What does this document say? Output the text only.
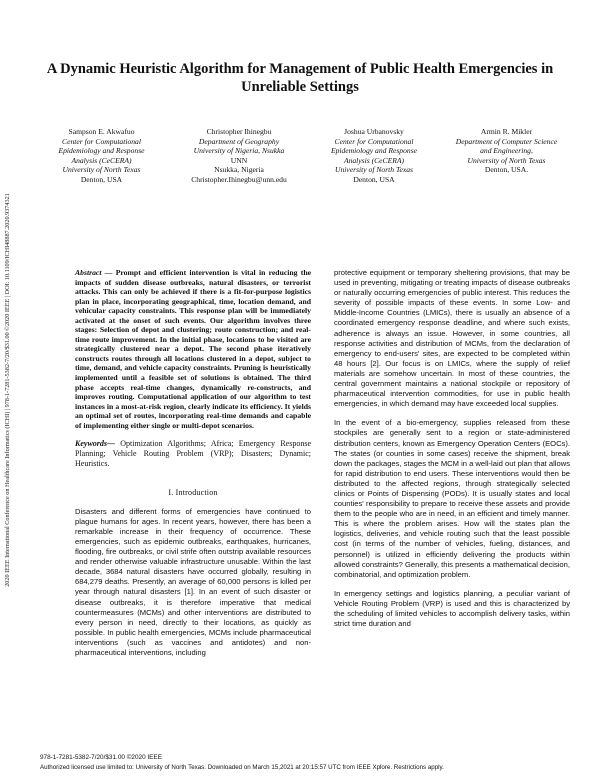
2020 IEEE International Conference on Healthcare Informatics (ICHI) | 978-1-7281-5382-7/20/$31.00 ©2020 IEEE | DOI: 10.1109/ICHI48887.2020.9374321
A Dynamic Heuristic Algorithm for Management of Public Health Emergencies in Unreliable Settings
Sampson E. Akwafuo
Center for Computational
Epidemiology and Response
Analysis (CeCERA)
University of North Texas
Denton, USA
Christopher Ihinegbu
Department of Geography
University of Nigeria, Nsukka
UNN
Nsukka, Nigeria
Christopher.Ihinegbu@unn.edu
Joshua Urbanovsky
Center for Computational
Epidemiology and Response
Analysis (CeCERA)
University of North Texas
Denton, USA
Armin R. Mikler
Department of Computer Science
and Engineering,
University of North Texas
Denton, USA.

Abstract — Prompt and efficient intervention is vital in reducing the impacts of sudden disease outbreaks, natural disasters, or terrorist attacks. This can only be achieved if there is a fit-for-purpose logistics plan in place, incorporating geographical, time, location demand, and vehicular capacity constraints. This response plan will be immediately activated at the onset of such events. Our algorithm involves three stages: Selection of depot and clustering; route construction; and real-time route improvement. In the initial phase, locations to be visited are strategically clustered near a depot. The second phase iteratively constructs routes through all locations clustered in a depot, subject to time, demand, and vehicle capacity constraints. Pruning is heuristically implemented until a feasible set of solutions is obtained. The third phase accepts real-time changes, dynamically re-constructs, and improves routing. Computational application of our algorithm to test instances in a most-at-risk region, clearly indicate its efficiency. It yields an optimal set of routes, incorporating real-time demands and capable of implementing either single or multi-depot scenarios.

Keywords— Optimization Algorithms; Africa; Emergency Response Planning; Vehicle Routing Problem (VRP); Disasters; Dynamic; Heuristics.

I. Introduction

Disasters and different forms of emergencies have continued to plague humans for ages. In recent years, however, there has been a remarkable increase in their frequency of occurrence. These emergencies, such as epidemic outbreaks, earthquakes, hurricanes, flooding, fire outbreaks, or civil strife often outstrip available resources and render otherwise valuable infrastructure unusable. Within the last decade, 3684 natural disasters have occurred globally, resulting in 684,279 deaths. Presently, an average of 60,000 persons is killed per year through natural disasters [1]. In an event of such disaster or disease outbreaks, it is therefore imperative that medical countermeasures (MCMs) and other interventions are distributed to every person in need, directly to their locations, as quickly as possible. In public health emergencies, MCMs include pharmaceutical interventions (such as vaccines and antidotes) and non-pharmaceutical interventions, including

protective equipment or temporary sheltering provisions, that may be used in preventing, mitigating or treating impacts of disease outbreaks or naturally occurring emergencies of public interest. This reduces the severity of possible impacts of these events. In some Low- and Middle-Income Countries (LMICs), there is usually an absence of a coordinated emergency response deadline, and where such exists, adherence is always an issue. However, in some countries, all response activities and distribution of MCMs, from the declaration of emergency to end-users' sites, are expected to be completed within 48 hours [2]. Our focus is on LMICs, where the supply of relief materials are somehow uncertain. In most of these countries, the central government maintains a national stockpile or repository of pharmaceutical intervention commodities, for use in public health emergencies, in which demand may have exceeded local supplies.

In the event of a bio-emergency, supplies released from these stockpiles are generally sent to a region or state-administered distribution centers, known as Emergency Operation Centers (EOCs). The states (or counties in some cases) receive the shipment, break down the packages, stages the MCM in a well-laid out plan that allows for rapid distribution to end users. These interventions would then be distributed to the affected regions, through strategically selected clinics or Points of Dispensing (PODs). It is usually states and local counties' responsibility to prepare to receive these assets and provide them to the people who are in need, in an efficient and timely manner. This is where the problem arises. How will the states plan the logistics, deliveries, and vehicle routing such that the least possible cost (in terms of the number of vehicles, fueling, distances, and personnel) is utilized in efficiently delivering the products within allowed constraints? Generally, this presents a mathematical decision, combinatorial, and optimization problem.

In emergency settings and logistics planning, a peculiar variant of Vehicle Routing Problem (VRP) is used and this is characterized by the scheduling of limited vehicles to accomplish delivery tasks, within strict time duration and

978-1-7281-5382-7/20/$31.00 ©2020 IEEE
Authorized licensed use limited to: University of North Texas. Downloaded on March 15,2021 at 20:15:57 UTC from IEEE Xplore. Restrictions apply.
